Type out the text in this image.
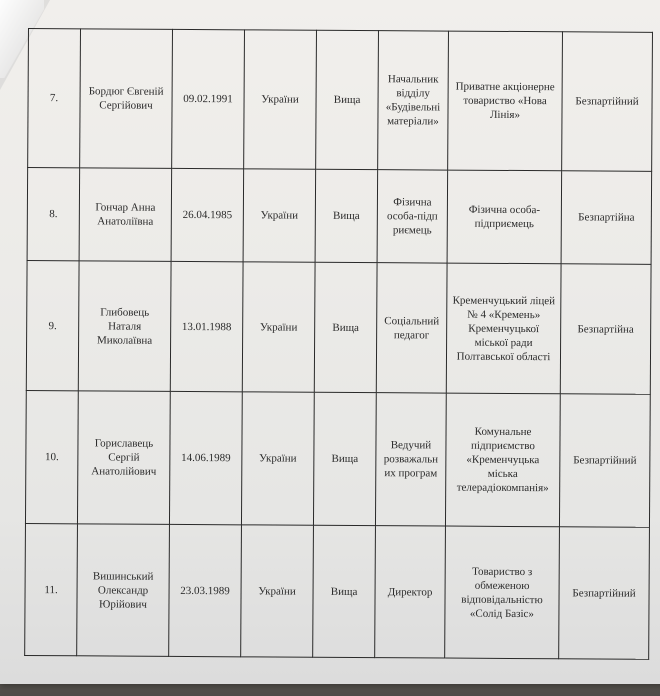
7.	Бордюг Євгеній Сергійович	09.02.1991	України	Вища	Начальник відділу «Будівельні матеріали»	Приватне акціонерне товариство «Нова Лінія»	Безпартійний
8.	Гончар Анна Анатоліївна	26.04.1985	України	Вища	Фізична особа-підп риємець	Фізична особа-підприємець	Безпартійна
9.	Глибовець Наталя Миколаївна	13.01.1988	України	Вища	Соціальний педагог	Кременчуцький ліцей № 4 «Кремень» Кременчуцької міської ради Полтавської області	Безпартійна
10.	Гориславець Сергій Анатолійович	14.06.1989	України	Вища	Ведучий розважальн их програм	Комунальне підприємство «Кременчуцька міська телерадіокомпанія»	Безпартійний
11.	Вишинський Олександр Юрійович	23.03.1989	України	Вища	Директор	Товариство з обмеженою відповідальністю «Солід Базіс»	Безпартійний
